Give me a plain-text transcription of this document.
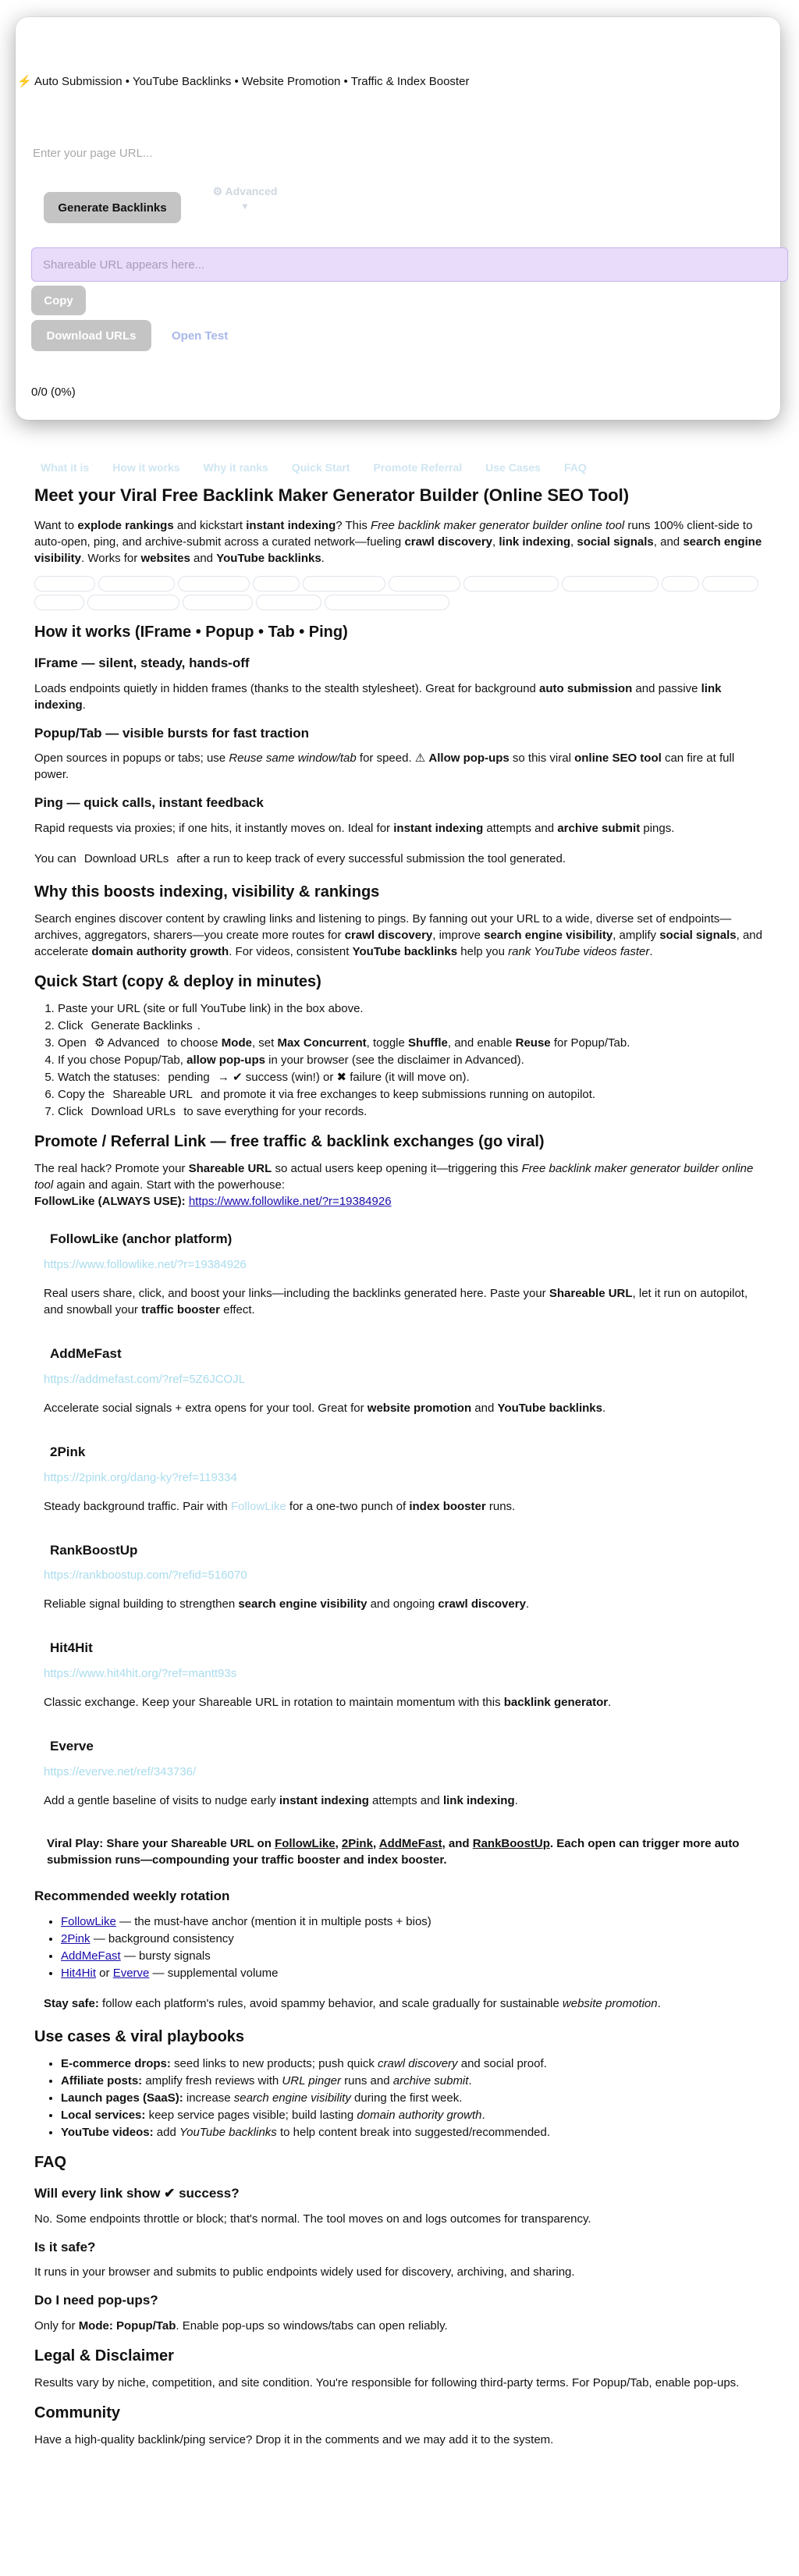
⚡ Auto Submission • YouTube Backlinks • Website Promotion • Traffic & Index Booster
Enter your page URL...
Generate Backlinks
⚙ Advanced
▼
Shareable URL appears here...
Copy
Download URLs	Open Test
0/0 (0%)
What it is How it works Why it ranks Quick Start Promote Referral Use Cases FAQ
Meet your Viral Free Backlink Maker Generator Builder (Online SEO Tool)

Want to explode rankings and kickstart instant indexing? This Free backlink maker generator builder online tool runs 100% client-side to auto-open, ping, and archive-submit across a curated network—fueling crawl discovery, link indexing, social signals, and search engine visibility. Works for websites and YouTube backlinks.

How it works (IFrame • Popup • Tab • Ping)
IFrame — silent, steady, hands-off

Loads endpoints quietly in hidden frames (thanks to the stealth stylesheet). Great for background auto submission and passive link indexing.

Popup/Tab — visible bursts for fast traction

Open sources in popups or tabs; use Reuse same window/tab for speed. ⚠ Allow pop-ups so this viral online SEO tool can fire at full power.

Ping — quick calls, instant feedback

Rapid requests via proxies; if one hits, it instantly moves on. Ideal for instant indexing attempts and archive submit pings.

You can Download URLs after a run to keep track of every successful submission the tool generated.

Why this boosts indexing, visibility & rankings

Search engines discover content by crawling links and listening to pings. By fanning out your URL to a wide, diverse set of endpoints—archives, aggregators, sharers—you create more routes for crawl discovery, improve search engine visibility, amplify social signals, and accelerate domain authority growth. For videos, consistent YouTube backlinks help you rank YouTube videos faster.

Quick Start (copy & deploy in minutes)
1. Paste your URL (site or full YouTube link) in the box above.
2. Click Generate Backlinks .
3. Open ⚙ Advanced to choose Mode, set Max Concurrent, toggle Shuffle, and enable Reuse for Popup/Tab.
4. If you chose Popup/Tab, allow pop-ups in your browser (see the disclaimer in Advanced).
5. Watch the statuses: pending → ✔ success (win!) or ✖ failure (it will move on).
6. Copy the Shareable URL and promote it via free exchanges to keep submissions running on autopilot.
7. Click Download URLs to save everything for your records.
Promote / Referral Link — free traffic & backlink exchanges (go viral)

The real hack? Promote your Shareable URL so actual users keep opening it—triggering this Free backlink maker generator builder online tool again and again. Start with the powerhouse:

FollowLike (ALWAYS USE): https://www.followlike.net/?r=19384926

FollowLike (anchor platform)
https://www.followlike.net/?r=19384926

Real users share, click, and boost your links—including the backlinks generated here. Paste your Shareable URL, let it run on autopilot, and snowball your traffic booster effect.

AddMeFast
https://addmefast.com/?ref=5Z6JCOJL

Accelerate social signals + extra opens for your tool. Great for website promotion and YouTube backlinks.

2Pink
https://2pink.org/dang-ky?ref=119334

Steady background traffic. Pair with FollowLike for a one-two punch of index booster runs.

RankBoostUp
https://rankboostup.com/?refid=516070

Reliable signal building to strengthen search engine visibility and ongoing crawl discovery.

Hit4Hit
https://www.hit4hit.org/?ref=mantt93s

Classic exchange. Keep your Shareable URL in rotation to maintain momentum with this backlink generator.

Everve
https://everve.net/ref/343736/

Add a gentle baseline of visits to nudge early instant indexing attempts and link indexing.

Viral Play: Share your Shareable URL on FollowLike, 2Pink, AddMeFast, and RankBoostUp. Each open can trigger more auto submission runs—compounding your traffic booster and index booster.
Recommended weekly rotation
• FollowLike — the must-have anchor (mention it in multiple posts + bios)
• 2Pink — background consistency
• AddMeFast — bursty signals
• Hit4Hit or Everve — supplemental volume

Stay safe: follow each platform's rules, avoid spammy behavior, and scale gradually for sustainable website promotion.

Use cases & viral playbooks
• E-commerce drops: seed links to new products; push quick crawl discovery and social proof.
• Affiliate posts: amplify fresh reviews with URL pinger runs and archive submit.
• Launch pages (SaaS): increase search engine visibility during the first week.
• Local services: keep service pages visible; build lasting domain authority growth.
• YouTube videos: add YouTube backlinks to help content break into suggested/recommended.
FAQ
Will every link show ✔ success?

No. Some endpoints throttle or block; that's normal. The tool moves on and logs outcomes for transparency.

Is it safe?

It runs in your browser and submits to public endpoints widely used for discovery, archiving, and sharing.

Do I need pop-ups?

Only for Mode: Popup/Tab. Enable pop-ups so windows/tabs can open reliably.

Legal & Disclaimer

Results vary by niche, competition, and site condition. You're responsible for following third-party terms. For Popup/Tab, enable pop-ups.

Community

Have a high-quality backlink/ping service? Drop it in the comments and we may add it to the system.
